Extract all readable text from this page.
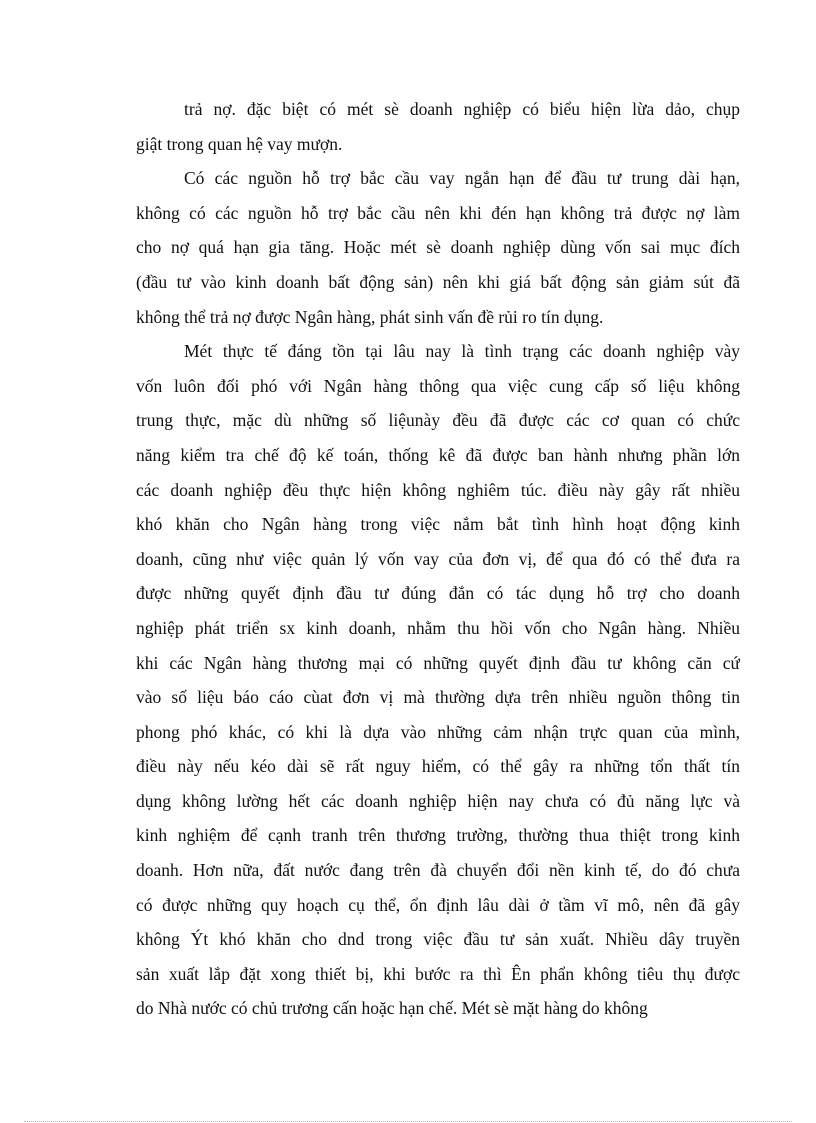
trả nợ. đặc biệt có mét sè doanh nghiệp có biểu hiện lừa dảo, chụp
giật trong quan hệ vay mượn.
Có các nguồn hỗ trợ bắc cầu vay ngắn hạn để đầu tư trung dài hạn,
không có các nguồn hỗ trợ bắc cầu nên khi đén hạn không trả được nợ làm
cho nợ quá hạn gia tăng. Hoặc mét sè doanh nghiệp dùng vốn sai mục đích
(đầu tư vào kinh doanh bất động sản) nên khi giá bất động sản giảm sút đã
không thể trả nợ được Ngân hàng, phát sinh vấn đề rủi ro tín dụng.
Mét thực tế đáng tồn tại lâu nay là tình trạng các doanh nghiệp vày
vốn luôn đối phó với Ngân hàng thông qua việc cung cấp số liệu không
trung thực, mặc dù những số liệunày đều đã được các cơ quan có chức
năng kiểm tra chế độ kế toán, thống kê đã được ban hành nhưng phần lớn
các doanh nghiệp đều thực hiện không nghiêm túc. điều này gây rất nhiều
khó khăn cho Ngân hàng trong việc nắm bắt tình hình hoạt động kinh
doanh, cũng như việc quản lý vốn vay của đơn vị, để qua đó có thể đưa ra
được những quyết định đầu tư đúng đắn có tác dụng hỗ trợ cho doanh
nghiệp phát triển sx kinh doanh, nhằm thu hồi vốn cho Ngân hàng. Nhiều
khi các Ngân hàng thương mại có những quyết định đầu tư không căn cứ
vào số liệu báo cáo cùat đơn vị mà thường dựa trên nhiều nguồn thông tin
phong phó khác, có khi là dựa vào những cảm nhận trực quan của mình,
điều này nếu kéo dài sẽ rất nguy hiểm, có thể gây ra những tổn thất tín
dụng không lường hết các doanh nghiệp hiện nay chưa có đủ năng lực và
kinh nghiệm để cạnh tranh trên thương trường, thường thua thiệt trong kinh
doanh. Hơn nữa, đất nước đang trên đà chuyển đổi nền kinh tế, do đó chưa
có được những quy hoạch cụ thể, ổn định lâu dài ở tầm vĩ mô, nên đã gây
không Ýt khó khăn cho dnd trong việc đầu tư sản xuất. Nhiều dây truyền
sản xuất lắp đặt xong thiết bị, khi bước ra thì Ên phẩn không tiêu thụ được
do Nhà nước có chủ trương cấn hoặc hạn chế. Mét sè mặt hàng do không
